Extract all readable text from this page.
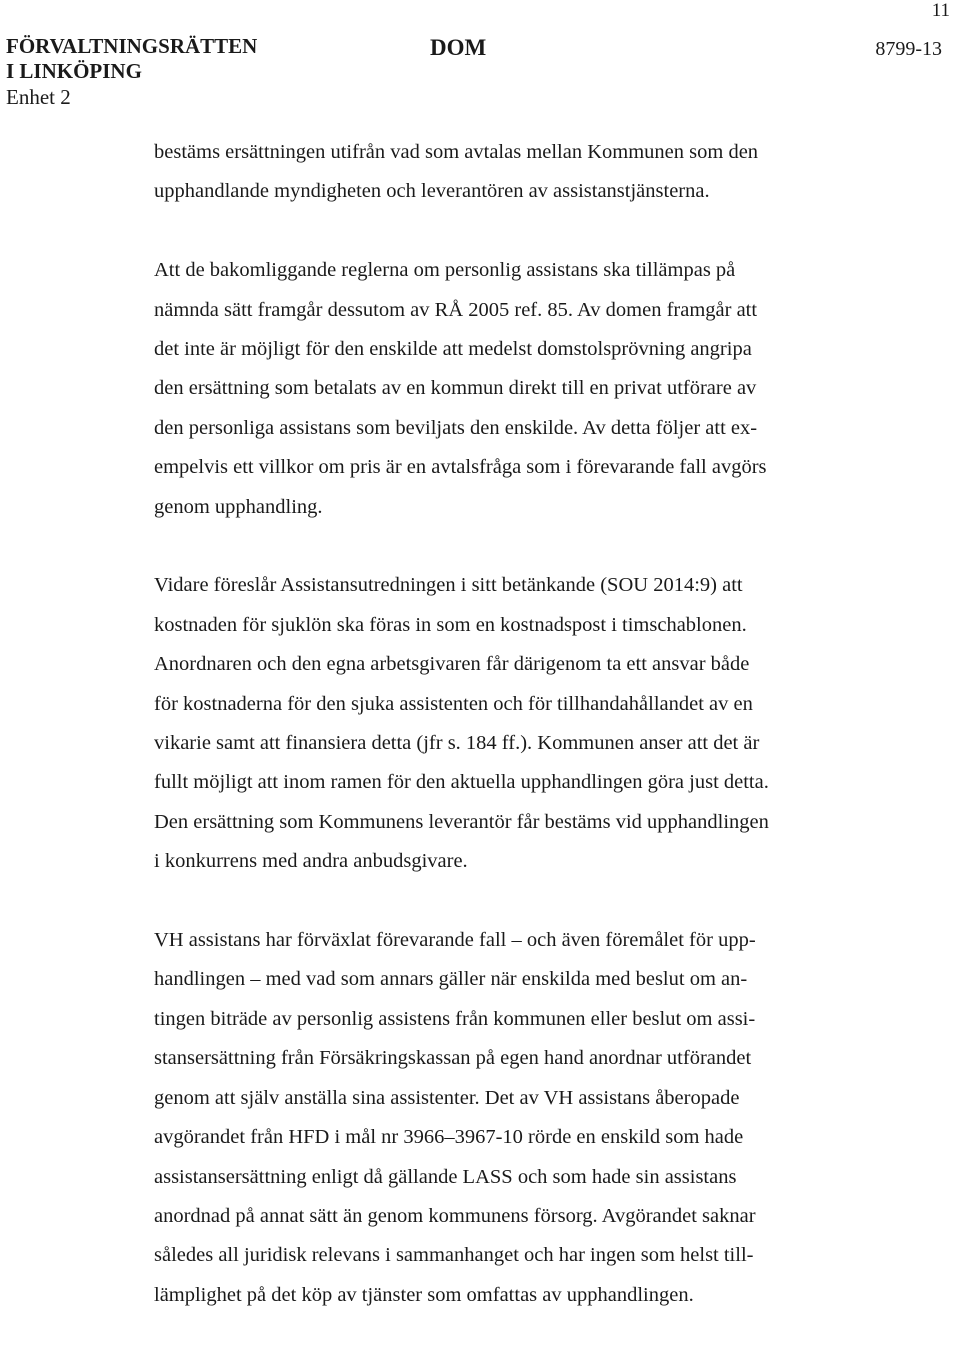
11
FÖRVALTNINGSRÄTTEN
I LINKÖPING
Enhet 2
DOM	8799-13

bestäms ersättningen utifrån vad som avtalas mellan Kommunen som den

upphandlande myndigheten och leverantören av assistanstjänsterna.

Att de bakomliggande reglerna om personlig assistans ska tillämpas på

nämnda sätt framgår dessutom av RÅ 2005 ref. 85. Av domen framgår att

det inte är möjligt för den enskilde att medelst domstolsprövning angripa

den ersättning som betalats av en kommun direkt till en privat utförare av

den personliga assistans som beviljats den enskilde. Av detta följer att ex-

empelvis ett villkor om pris är en avtalsfråga som i förevarande fall avgörs

genom upphandling.

Vidare föreslår Assistansutredningen i sitt betänkande (SOU 2014:9) att

kostnaden för sjuklön ska föras in som en kostnadspost i timschablonen.

Anordnaren och den egna arbetsgivaren får därigenom ta ett ansvar både

för kostnaderna för den sjuka assistenten och för tillhandahållandet av en

vikarie samt att finansiera detta (jfr s. 184 ff.). Kommunen anser att det är

fullt möjligt att inom ramen för den aktuella upphandlingen göra just detta.

Den ersättning som Kommunens leverantör får bestäms vid upphandlingen

i konkurrens med andra anbudsgivare.

VH assistans har förväxlat förevarande fall – och även föremålet för upp-

handlingen – med vad som annars gäller när enskilda med beslut om an-

tingen biträde av personlig assistens från kommunen eller beslut om assi-

stansersättning från Försäkringskassan på egen hand anordnar utförandet

genom att själv anställa sina assistenter. Det av VH assistans åberopade

avgörandet från HFD i mål nr 3966–3967-10 rörde en enskild som hade

assistansersättning enligt då gällande LASS och som hade sin assistans

anordnad på annat sätt än genom kommunens försorg. Avgörandet saknar

således all juridisk relevans i sammanhanget och har ingen som helst till-

lämplighet på det köp av tjänster som omfattas av upphandlingen.
